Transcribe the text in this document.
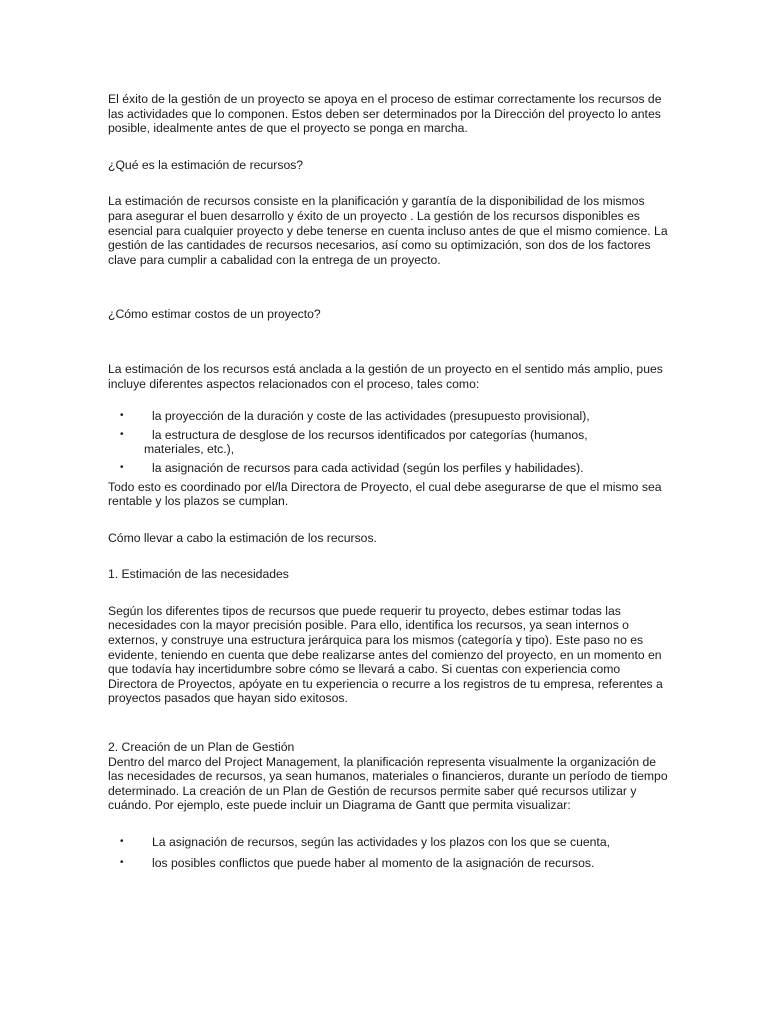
El éxito de la gestión de un proyecto se apoya en el proceso de estimar correctamente los recursos de las actividades que lo componen. Estos deben ser determinados por la Dirección del proyecto lo antes posible, idealmente antes de que el proyecto se ponga en marcha.

¿Qué es la estimación de recursos?

La estimación de recursos consiste en la planificación y garantía de la disponibilidad de los mismos para asegurar el buen desarrollo y éxito de un proyecto . La gestión de los recursos disponibles es esencial para cualquier proyecto y debe tenerse en cuenta incluso antes de que el mismo comience. La gestión de las cantidades de recursos necesarios, así como su optimización, son dos de los factores clave para cumplir a cabalidad con la entrega de un proyecto.

¿Cómo estimar costos de un proyecto?

La estimación de los recursos está anclada a la gestión de un proyecto en el sentido más amplio, pues incluye diferentes aspectos relacionados con el proceso, tales como:

• la proyección de la duración y coste de las actividades (presupuesto provisional),
• la estructura de desglose de los recursos identificados por categorías (humanos,
materiales, etc.),
• la asignación de recursos para cada actividad (según los perfiles y habilidades).

Todo esto es coordinado por el/la Directora de Proyecto, el cual debe asegurarse de que el mismo sea rentable y los plazos se cumplan.

Cómo llevar a cabo la estimación de los recursos.

1. Estimación de las necesidades

Según los diferentes tipos de recursos que puede requerir tu proyecto, debes estimar todas las necesidades con la mayor precisión posible. Para ello, identifica los recursos, ya sean internos o externos, y construye una estructura jerárquica para los mismos (categoría y tipo). Este paso no es evidente, teniendo en cuenta que debe realizarse antes del comienzo del proyecto, en un momento en que todavía hay incertidumbre sobre cómo se llevará a cabo. Si cuentas con experiencia como Directora de Proyectos, apóyate en tu experiencia o recurre a los registros de tu empresa, referentes a proyectos pasados que hayan sido exitosos.

2. Creación de un Plan de Gestión

Dentro del marco del Project Management, la planificación representa visualmente la organización de las necesidades de recursos, ya sean humanos, materiales o financieros, durante un período de tiempo determinado. La creación de un Plan de Gestión de recursos permite saber qué recursos utilizar y cuándo. Por ejemplo, este puede incluir un Diagrama de Gantt que permita visualizar:

• La asignación de recursos, según las actividades y los plazos con los que se cuenta,
• los posibles conflictos que puede haber al momento de la asignación de recursos.
